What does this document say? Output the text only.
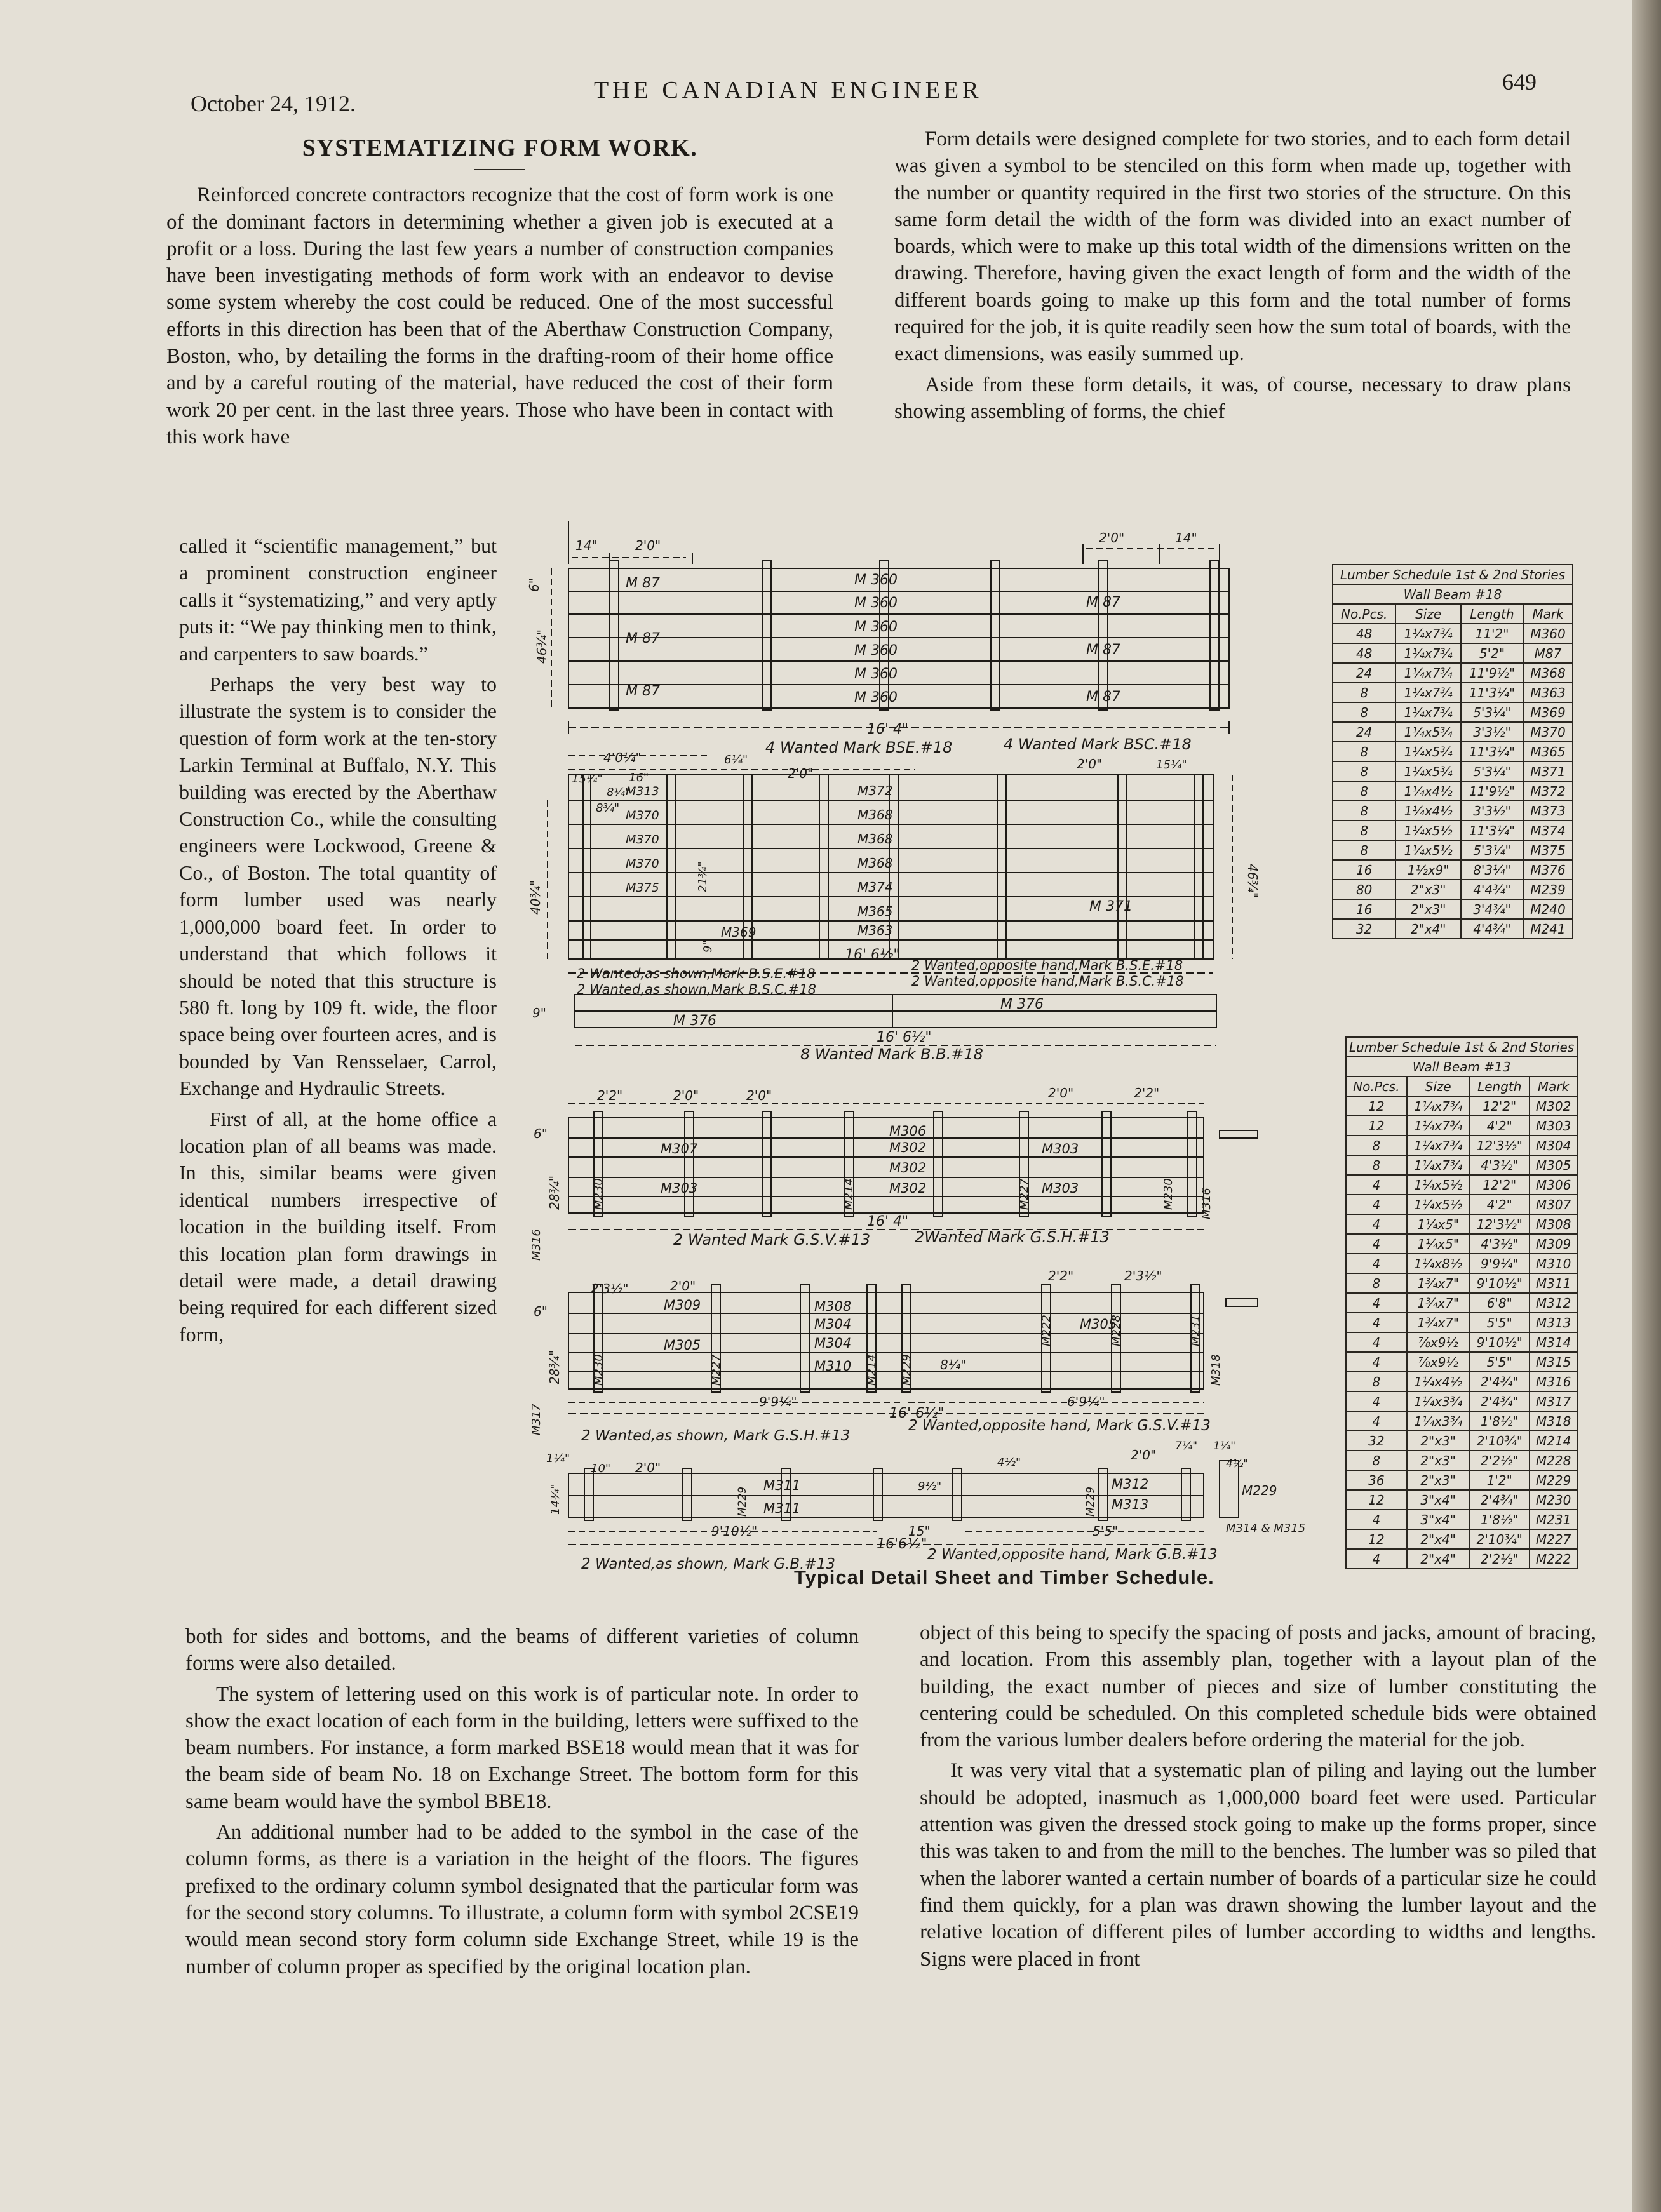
October 24, 1912.	THE CANADIAN ENGINEER	649
SYSTEMATIZING FORM WORK.

Reinforced concrete contractors recognize that the cost of form work is one of the dominant factors in determining whether a given job is executed at a profit or a loss. During the last few years a number of construction companies have been investigating methods of form work with an endeavor to devise some system whereby the cost could be reduced. One of the most successful efforts in this direction has been that of the Aberthaw Construction Company, Boston, who, by detailing the forms in the drafting-room of their home office and by a careful routing of the material, have reduced the cost of their form work 20 per cent. in the last three years. Those who have been in contact with this work have

called it “scientific management,” but a prominent construction engineer calls it “systematizing,” and very aptly puts it: “We pay thinking men to think, and carpenters to saw boards.”

Perhaps the very best way to illustrate the system is to consider the question of form work at the ten-story Larkin Terminal at Buffalo, N.Y. This building was erected by the Aberthaw Construction Co., while the consulting engineers were Lockwood, Greene & Co., of Boston. The total quantity of form lumber used was nearly 1,000,000 board feet. In order to understand that which follows it should be noted that this structure is 580 ft. long by 109 ft. wide, the floor space being over fourteen acres, and is bounded by Van Rensselaer, Carrol, Exchange and Hydraulic Streets.

First of all, at the home office a location plan of all beams was made. In this, similar beams were given identical numbers irrespective of location in the building itself. From this location plan form drawings in detail were made, a detail drawing being required for each different sized form,

both for sides and bottoms, and the beams of different varieties of column forms were also detailed.

The system of lettering used on this work is of particular note. In order to show the exact location of each form in the building, letters were suffixed to the beam numbers. For instance, a form marked BSE18 would mean that it was for the beam side of beam No. 18 on Exchange Street. The bottom form for this same beam would have the symbol BBE18.

An additional number had to be added to the symbol in the case of the column forms, as there is a variation in the height of the floors. The figures prefixed to the ordinary column symbol designated that the particular form was for the second story columns. To illustrate, a column form with symbol 2CSE19 would mean second story form column side Exchange Street, while 19 is the number of column proper as specified by the original location plan.

Form details were designed complete for two stories, and to each form detail was given a symbol to be stenciled on this form when made up, together with the number or quantity required in the first two stories of the structure. On this same form detail the width of the form was divided into an exact number of boards, which were to make up this total width of the dimensions written on the drawing. Therefore, having given the exact length of form and the width of the different boards going to make up this form and the total number of forms required for the job, it is quite readily seen how the sum total of boards, with the exact dimensions, was easily summed up.

Aside from these form details, it was, of course, necessary to draw plans showing assembling of forms, the chief

object of this being to specify the spacing of posts and jacks, amount of bracing, and location. From this assembly plan, together with a layout plan of the building, the exact number of pieces and size of lumber constituting the centering could be scheduled. On this completed schedule bids were obtained from the various lumber dealers before ordering the material for the job.

It was very vital that a systematic plan of piling and laying out the lumber should be adopted, inasmuch as 1,000,000 board feet were used. Particular attention was given the dressed stock going to make up the forms proper, since this was taken to and from the mill to the benches. The lumber was so piled that when the laborer wanted a certain number of boards of a particular size he could find them quickly, for a plan was drawn showing the lumber layout and the relative location of different piles of lumber according to widths and lengths. Signs were placed in front

14"	2'0"	2'0"	14"
6"
46¾"
M 87
M 87
M 87
M 360
M 360
M 360
M 360
M 360
M 360
M 87
M 87
M 87
16' 4"
4 Wanted Mark BSE.#18	4 Wanted Mark BSC.#18
4'0¼"	6¼"
15¼" 16"
8¼"
8¾"
2'0"
2'0"	15¼"
40¾"	46¾"
21¾"
9"
M313
M370
M370
M370
M375
M369
M372
M368
M368
M368
M374
M365
M363
M 371
16' 6½"
2 Wanted,as shown,Mark B.S.E.#18
2 Wanted,as shown,Mark B.S.C.#18
2 Wanted,opposite hand,Mark B.S.E.#18
2 Wanted,opposite hand,Mark B.S.C.#18
9"	M 376
M 376
16' 6½"
8 Wanted Mark B.B.#18
2'2"	2'0"	2'0"	2'0"	2'2"
6"
28¾"
M307
M303
M306
M302
M302
M302
M303
M303
M230	M214	M227	M230 M316
M316
16' 4"
2 Wanted Mark G.S.V.#13	2Wanted Mark G.S.H.#13
2'3½"	2'0"
2'2"	2'3½"
6"
28¾"
M309
M305
M308
M304
M304
M310
M305
M230	M227	M214 M229
M222	M228	M231
M318
M317
8¼"
9'9¼"	6'9¼"
16' 6½"
2 Wanted,as shown, Mark G.S.H.#13
2 Wanted,opposite hand, Mark G.S.V.#13
1¼"
10" 2'0"	4½"	2'0"
7¼" 1¼"
4½"
14¾"	M311
M311
M312
M313
M229	M229
9½"	M229
M314 & M315
9'10½"	15"	5'5"
16'6½"
2 Wanted,as shown, Mark G.B.#13
2 Wanted,opposite hand, Mark G.B.#13
Typical Detail Sheet and Timber Schedule.
Lumber Schedule 1st & 2nd Stories			
Wall Beam #18			
No.Pcs.	Size	Length	Mark
48	1¼x7¾	11'2"	M360
48	1¼x7¾	5'2"	M87
24	1¼x7¾	11'9½"	M368
8	1¼x7¾	11'3¼"	M363
8	1¼x7¾	5'3¼"	M369
24	1¼x5¾	3'3½"	M370
8	1¼x5¾	11'3¼"	M365
8	1¼x5¾	5'3¼"	M371
8	1¼x4½	11'9½"	M372
8	1¼x4½	3'3½"	M373
8	1¼x5½	11'3¼"	M374
8	1¼x5½	5'3¼"	M375
16	1½x9"	8'3¼"	M376
80	2"x3"	4'4¾"	M239
16	2"x3"	3'4¾"	M240
32	2"x4"	4'4¾"	M241
Lumber Schedule 1st & 2nd Stories			
Wall Beam #13			
No.Pcs.	Size	Length	Mark
12	1¼x7¾	12'2"	M302
12	1¼x7¾	4'2"	M303
8	1¼x7¾	12'3½"	M304
8	1¼x7¾	4'3½"	M305
4	1¼x5½	12'2"	M306
4	1¼x5½	4'2"	M307
4	1¼x5"	12'3½"	M308
4	1¼x5"	4'3½"	M309
4	1¼x8½	9'9¼"	M310
8	1¾x7"	9'10½"	M311
4	1¾x7"	6'8"	M312
4	1¾x7"	5'5"	M313
4	⅞x9½	9'10½"	M314
4	⅞x9½	5'5"	M315
8	1¼x4½	2'4¾"	M316
4	1¼x3¾	2'4¾"	M317
4	1¼x3¾	1'8½"	M318
32	2"x3"	2'10¾"	M214
8	2"x3"	2'2½"	M228
36	2"x3"	1'2"	M229
12	3"x4"	2'4¾"	M230
4	3"x4"	1'8½"	M231
12	2"x4"	2'10¾"	M227
4	2"x4"	2'2½"	M222
